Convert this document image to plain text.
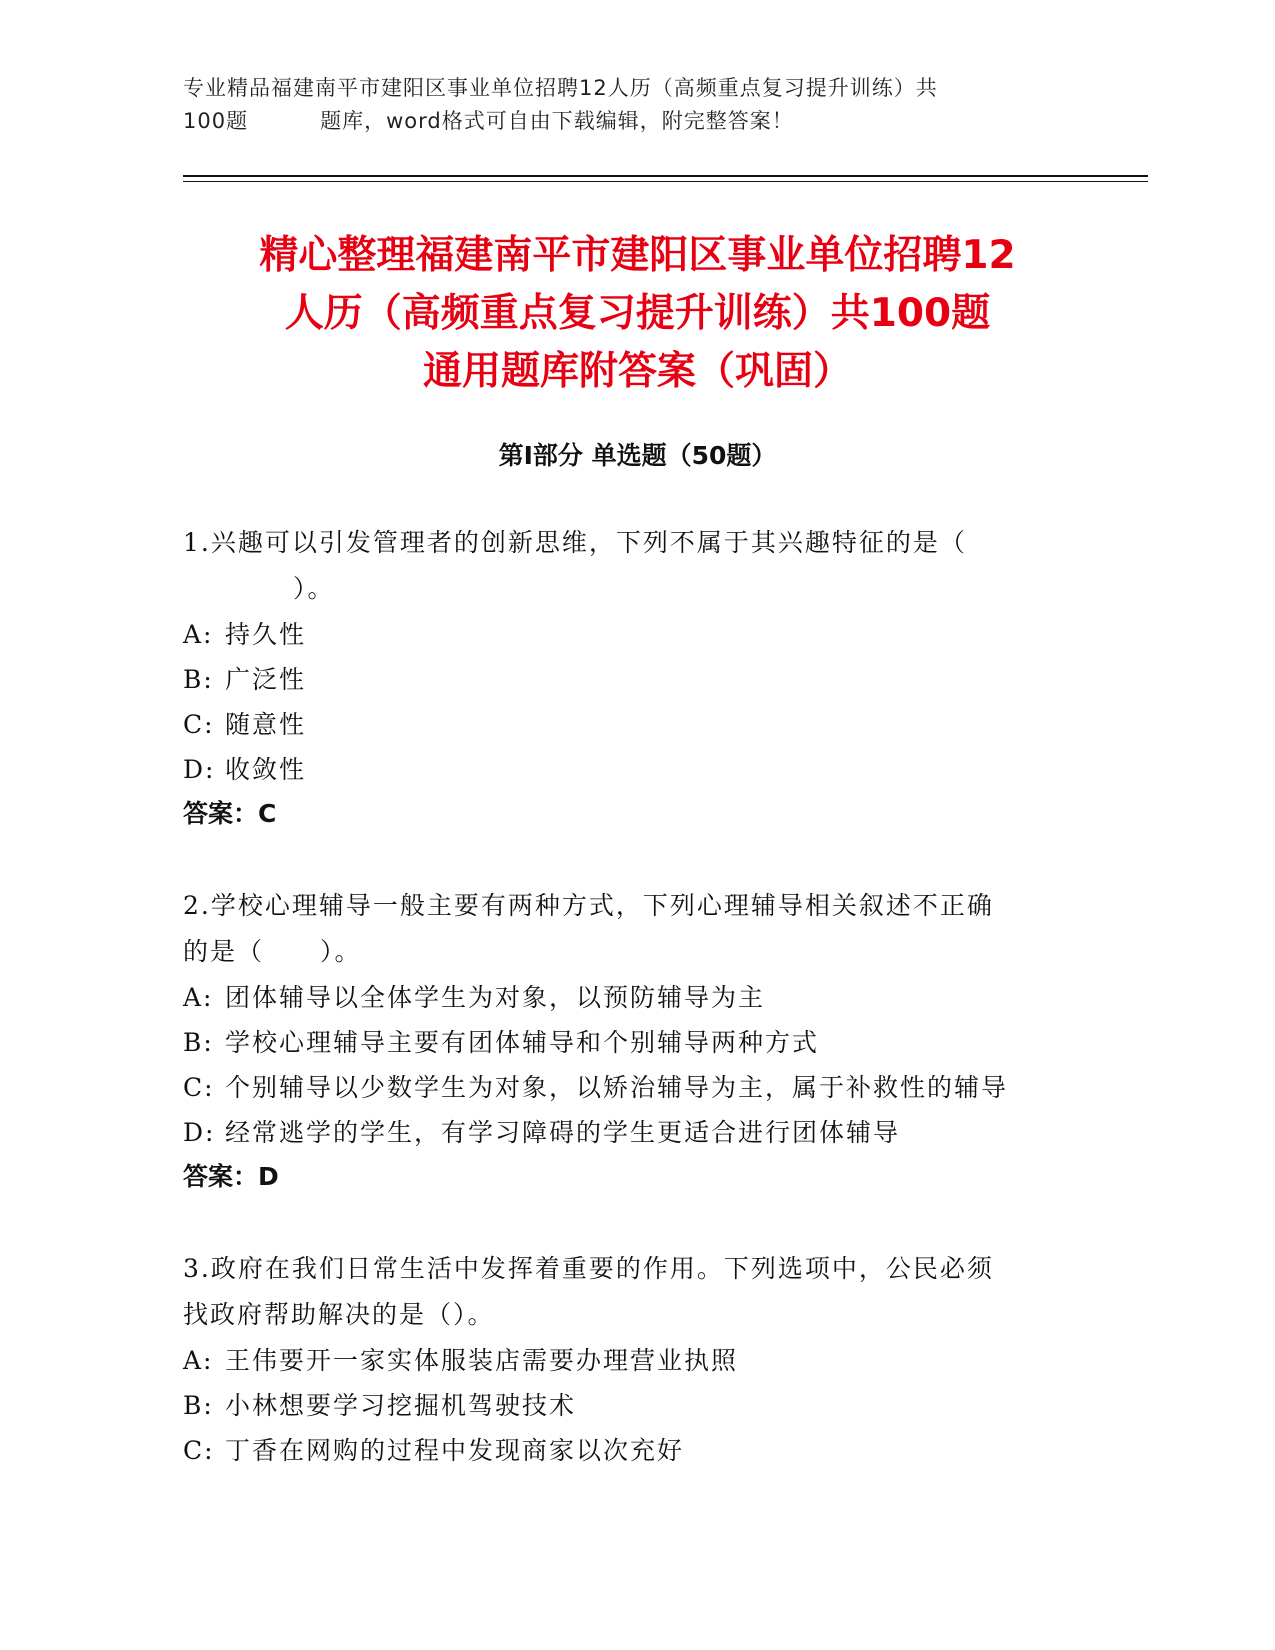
专业精品福建南平市建阳区事业单位招聘12人历（高频重点复习提升训练）共
100题	题库，word格式可自由下载编辑，附完整答案！
精心整理福建南平市建阳区事业单位招聘12
人历（高频重点复习提升训练）共100题
通用题库附答案（巩固）
第Ⅰ部分 单选题（50题）
1.兴趣可以引发管理者的创新思维，下列不属于其兴趣特征的是（
）。
A: 持久性
B: 广泛性
C: 随意性
D: 收敛性
答案：C
2.学校心理辅导一般主要有两种方式，下列心理辅导相关叙述不正确
的是（ ）。
A: 团体辅导以全体学生为对象，以预防辅导为主
B: 学校心理辅导主要有团体辅导和个别辅导两种方式
C: 个别辅导以少数学生为对象，以矫治辅导为主，属于补救性的辅导
D: 经常逃学的学生，有学习障碍的学生更适合进行团体辅导
答案：D
3.政府在我们日常生活中发挥着重要的作用。下列选项中，公民必须
找政府帮助解决的是（）。
A: 王伟要开一家实体服装店需要办理营业执照
B: 小林想要学习挖掘机驾驶技术
C: 丁香在网购的过程中发现商家以次充好
